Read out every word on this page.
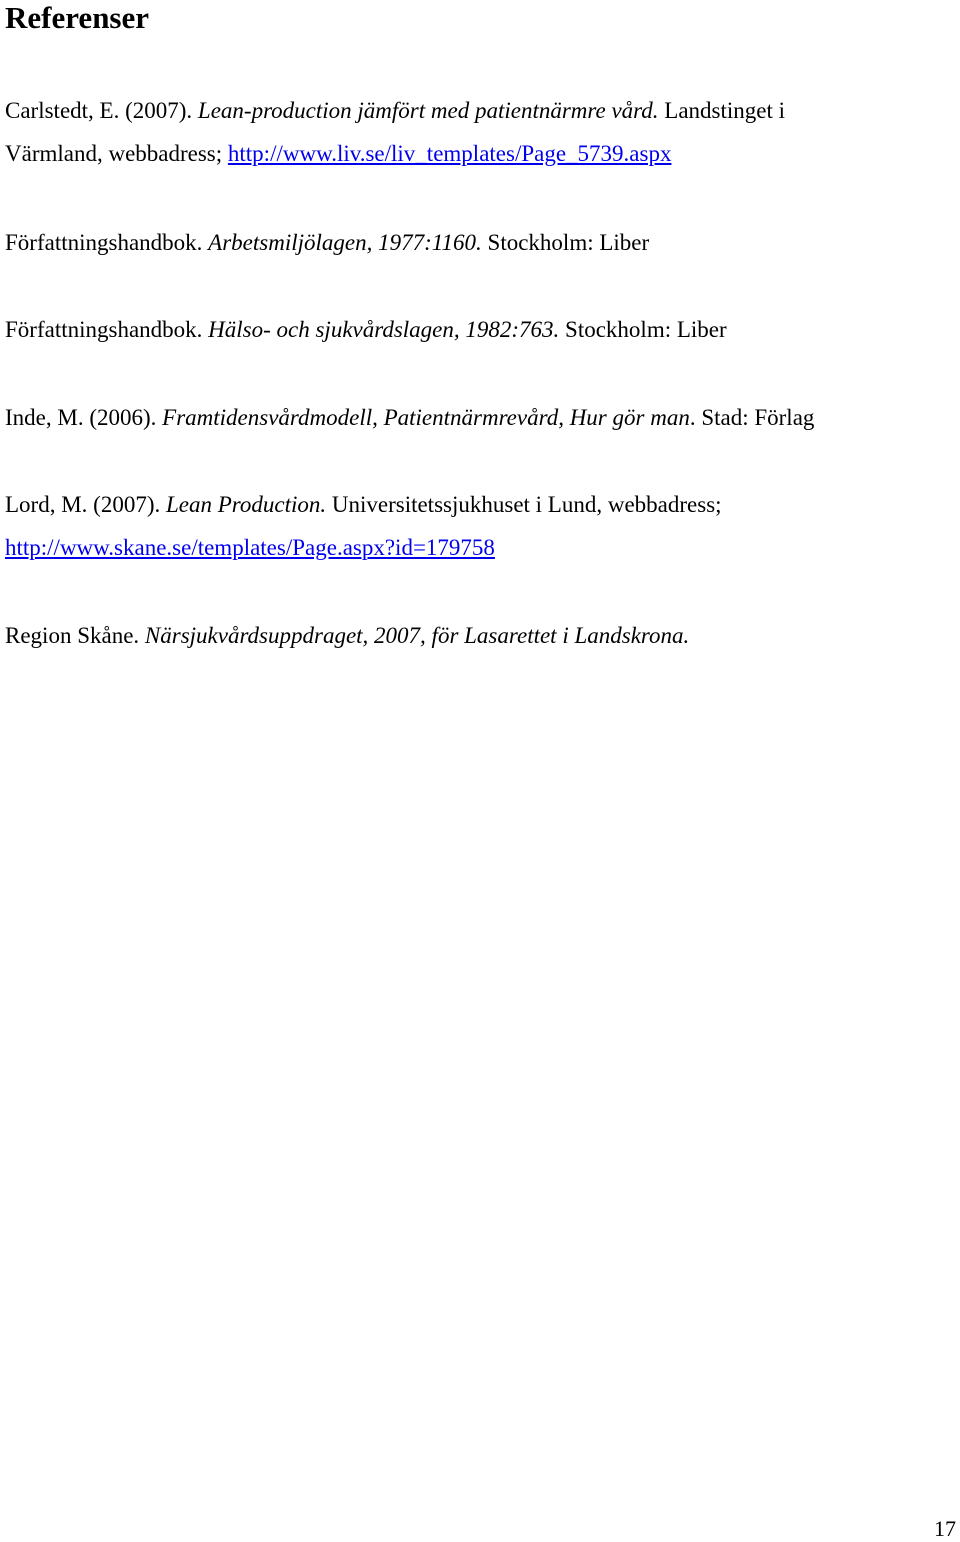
Referenser

Carlstedt, E. (2007). Lean-production jämfört med patientnärmre vård. Landstinget i
Värmland, webbadress; http://www.liv.se/liv_templates/Page_5739.aspx

Författningshandbok. Arbetsmiljölagen, 1977:1160. Stockholm: Liber

Författningshandbok. Hälso- och sjukvårdslagen, 1982:763. Stockholm: Liber

Inde, M. (2006). Framtidensvårdmodell, Patientnärmrevård, Hur gör man. Stad: Förlag

Lord, M. (2007). Lean Production. Universitetssjukhuset i Lund, webbadress;
http://www.skane.se/templates/Page.aspx?id=179758

Region Skåne. Närsjukvårdsuppdraget, 2007, för Lasarettet i Landskrona.

17
